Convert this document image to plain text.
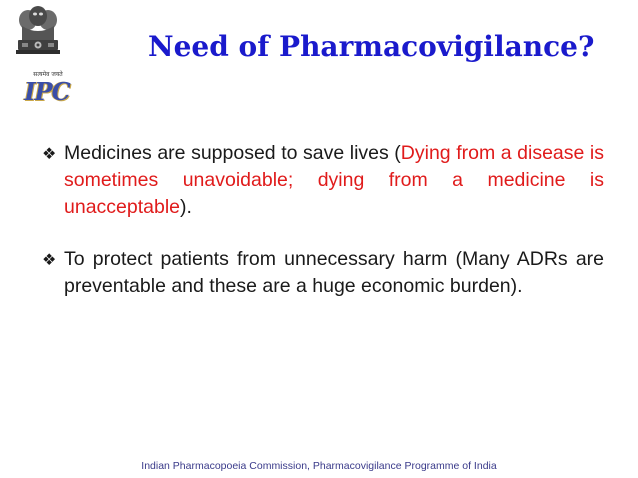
सत्यमेव जयते
IPC
Need of Pharmacovigilance?
❖ Medicines are supposed to save lives (Dying from a disease is sometimes unavoidable; dying from a medicine is unacceptable).
❖ To protect patients from unnecessary harm (Many ADRs are preventable and these are a huge economic burden).
Indian Pharmacopoeia Commission, Pharmacovigilance Programme of India
